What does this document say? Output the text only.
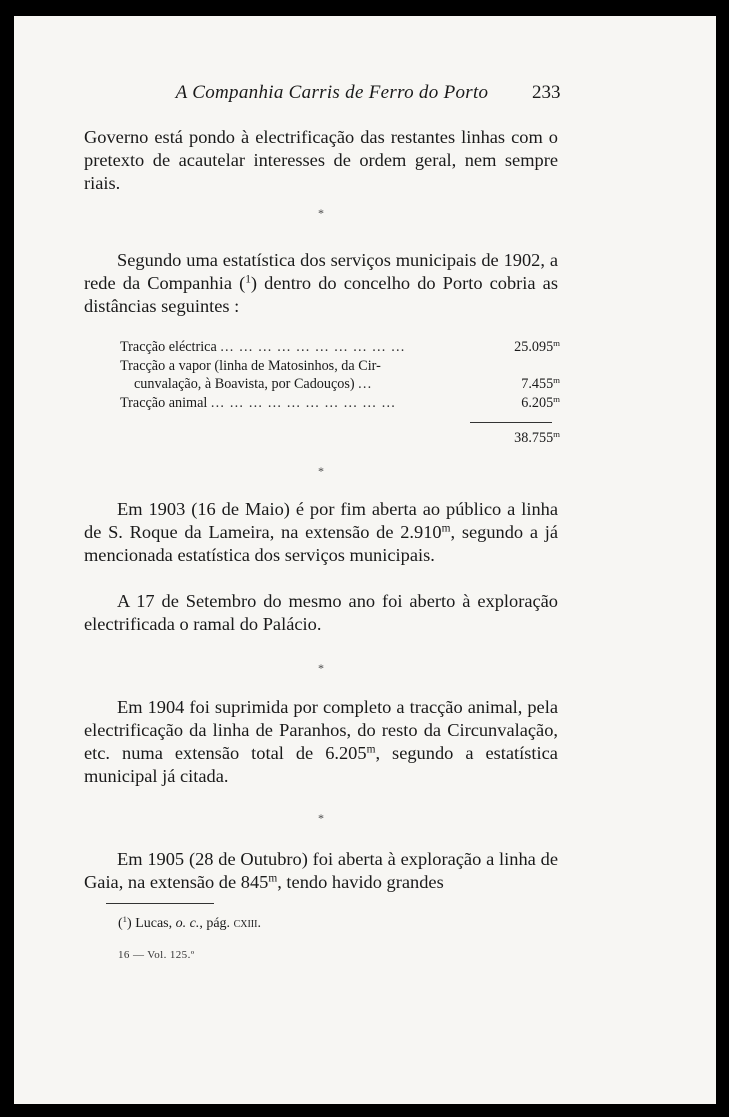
A Companhia Carris de Ferro do Porto	233

Governo está pondo à electrificação das restantes linhas com o pretexto de acautelar interesses de ordem geral, nem sempre riais.

*

Segundo uma estatística dos serviços municipais de 1902, a rede da Companhia ($^1$) dentro do concelho do Porto cobria as distâncias seguintes :

Tracção eléctrica ... ... ... ... ... ... ... ... ... ...	25.095$^m$
Tracção a vapor (linha de Matosinhos, da Cir-
cunvalação, à Boavista, por Cadouços) ...	7.455$^m$
Tracção animal ... ... ... ... ... ... ... ... ... ...	6.205$^m$
38.755$^m$
*

Em 1903 (16 de Maio) é por fim aberta ao público a linha de S. Roque da Lameira, na extensão de 2.910$^m$, segundo a já mencionada estatística dos serviços municipais.

A 17 de Setembro do mesmo ano foi aberto à exploração electrificada o ramal do Palácio.

*

Em 1904 foi suprimida por completo a tracção animal, pela electrificação da linha de Paranhos, do resto da Circunvalação, etc. numa extensão total de 6.205$^m$, segundo a estatística municipal já citada.

*

Em 1905 (28 de Outubro) foi aberta à exploração a linha de Gaia, na extensão de 845$^m$, tendo havido grandes

($^1$) Lucas, o. c., pág. cxiii.
16 — Vol. 125.º
